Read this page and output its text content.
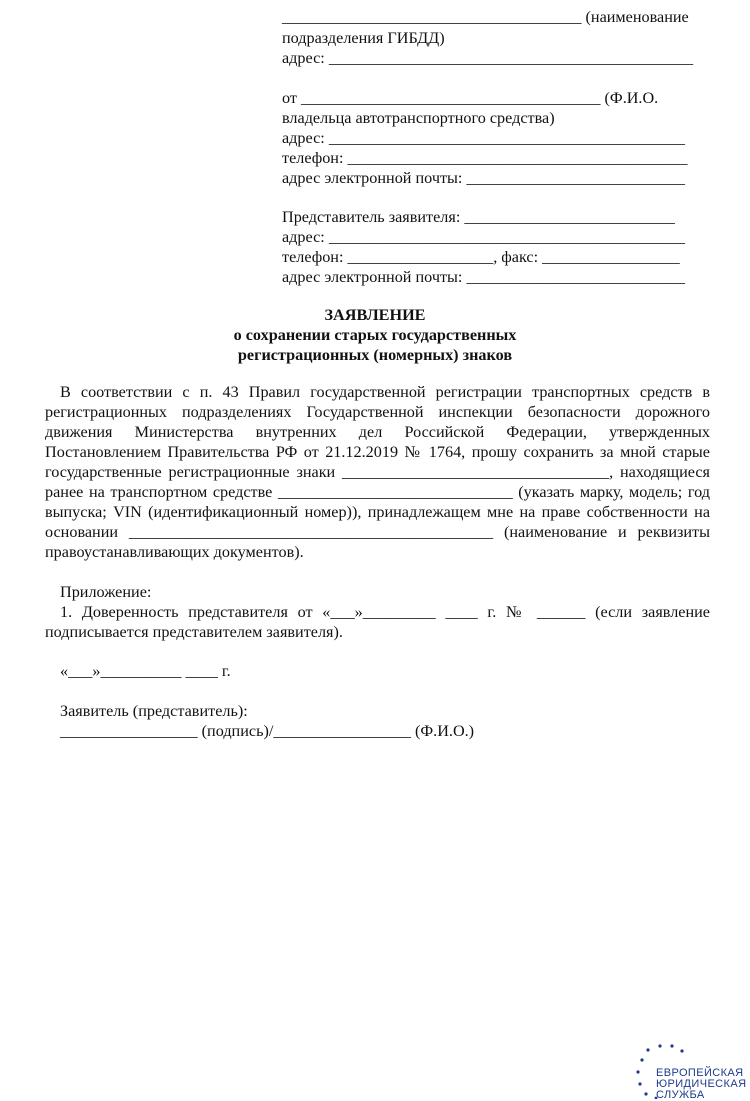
_____________________________________ (наименование
подразделения ГИБДД)
адрес: _____________________________________________
от _____________________________________ (Ф.И.О.
владельца автотранспортного средства)
адрес: ____________________________________________
телефон: __________________________________________
адрес электронной почты: ___________________________
Представитель заявителя: __________________________
адрес: ____________________________________________
телефон: __________________, факс: _________________
адрес электронной почты: ___________________________
ЗАЯВЛЕНИЕ
о сохранении старых государственных
регистрационных (номерных) знаков
В соответствии с п. 43 Правил государственной регистрации транспортных средств в
регистрационных подразделениях Государственной инспекции безопасности дорожного
движения Министерства внутренних дел Российской Федерации, утвержденных
Постановлением Правительства РФ от 21.12.2019 № 1764, прошу сохранить за мной старые
государственные регистрационные знаки _________________________________, находящиеся
ранее на транспортном средстве _____________________________ (указать марку, модель; год
выпуска; VIN (идентификационный номер)), принадлежащем мне на праве собственности на
основании _____________________________________________ (наименование и реквизиты
правоустанавливающих документов).
Приложение:
1. Доверенность представителя от «___»_________ ____ г. № ______ (если заявление
подписывается представителем заявителя).
«___»__________ ____ г.
Заявитель (представитель):
_________________ (подпись)/_________________ (Ф.И.О.)
ЕВРОПЕЙСКАЯ
ЮРИДИЧЕСКАЯ
СЛУЖБА
